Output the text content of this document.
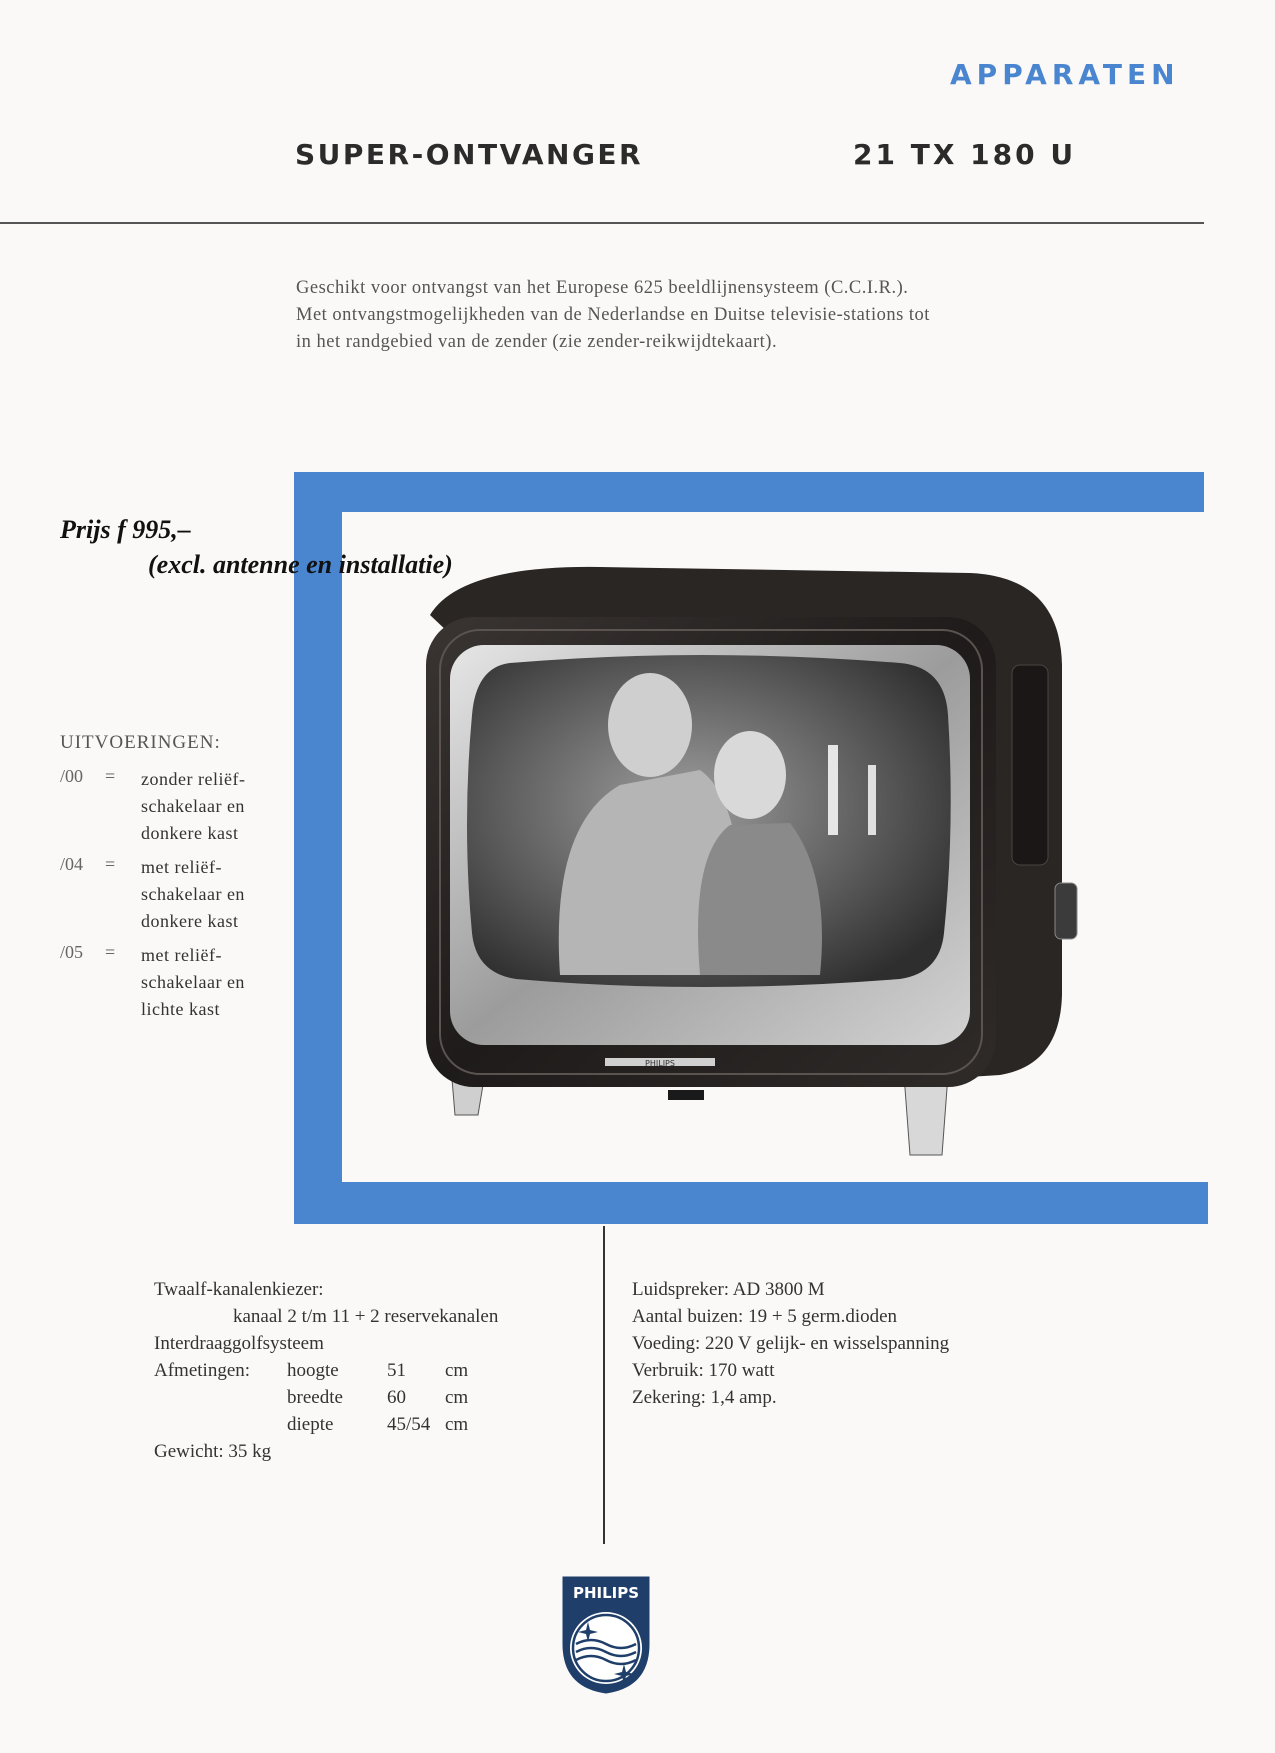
APPARATEN
SUPER-ONTVANGER	21 TX 180 U
Geschikt voor ontvangst van het Europese 625 beeldlijnensysteem (C.C.I.R.).
Met ontvangstmogelijkheden van de Nederlandse en Duitse televisie-stations tot
in het randgebied van de zender (zie zender-reikwijdtekaart).
PHILIPS
Prijs f 995,–
(excl. antenne en installatie)
UITVOERINGEN:
/00	=	zonder reliëf-
schakelaar en
donkere kast
/04	=	met reliëf-
schakelaar en
donkere kast
/05	=	met reliëf-
schakelaar en
lichte kast
Twaalf-kanalenkiezer:
kanaal 2 t/m 11 + 2 reservekanalen
Interdraaggolfsysteem
Afmetingen:	hoogte	51	cm
breedte	60	cm
diepte	45/54 cm
Gewicht: 35 kg
Luidspreker: AD 3800 M
Aantal buizen: 19 + 5 germ.dioden
Voeding: 220 V gelijk- en wisselspanning
Verbruik: 170 watt
Zekering: 1,4 amp.
PHILIPS
